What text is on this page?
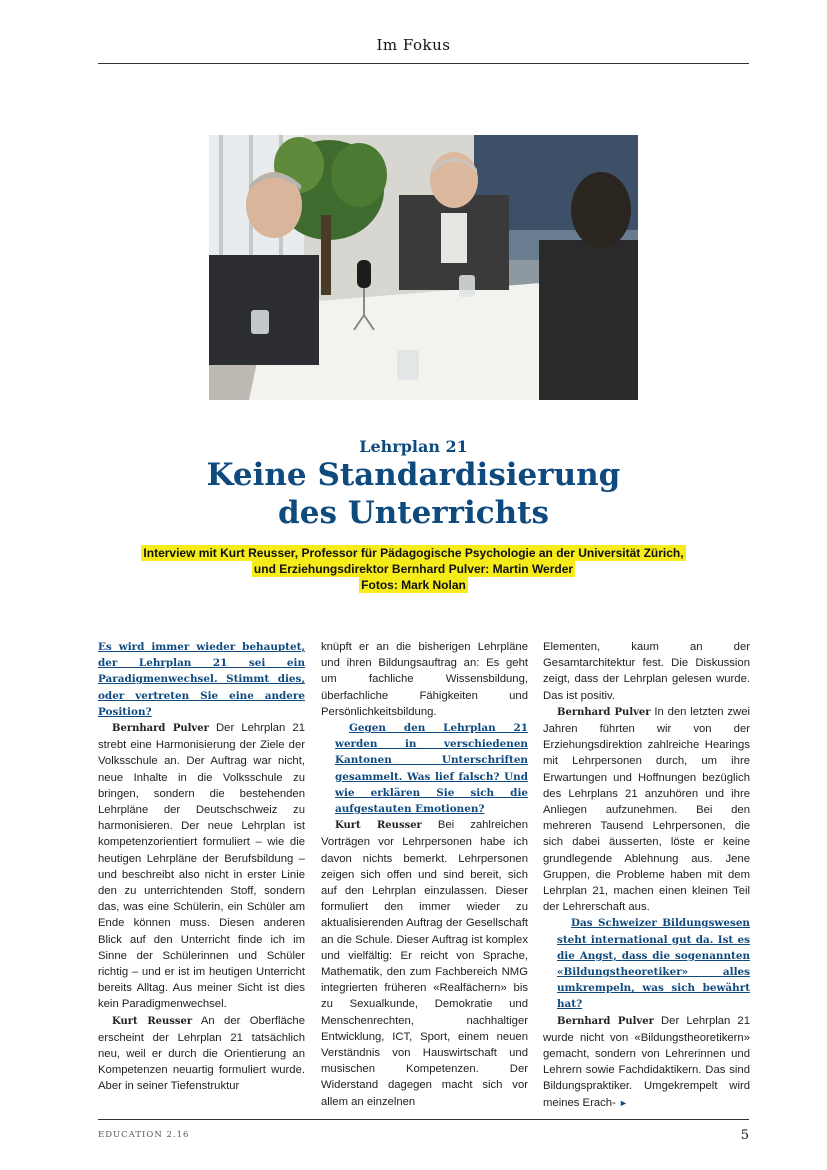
Im Fokus
Lehrplan 21
Keine Standardisierung
des Unterrichts
Interview mit Kurt Reusser, Professor für Pädagogische Psychologie an der Universität Zürich,
und Erziehungsdirektor Bernhard Pulver: Martin Werder
Fotos: Mark Nolan

Es wird immer wieder behauptet, der Lehrplan 21 sei ein Paradigmenwechsel. Stimmt dies, oder vertreten Sie eine andere Position?

Bernhard Pulver Der Lehrplan 21 strebt eine Harmonisierung der Ziele der Volksschule an. Der Auftrag war nicht, neue Inhalte in die Volksschule zu bringen, sondern die bestehenden Lehrpläne der Deutschschweiz zu harmonisieren. Der neue Lehrplan ist kompetenzorientiert formuliert – wie die heutigen Lehrpläne der Berufsbildung – und beschreibt also nicht in erster Linie den zu unterrichtenden Stoff, sondern das, was eine Schülerin, ein Schüler am Ende können muss. Diesen anderen Blick auf den Unterricht finde ich im Sinne der Schülerinnen und Schüler richtig – und er ist im heutigen Unterricht bereits Alltag. Aus meiner Sicht ist dies kein Paradigmenwechsel.

Kurt Reusser An der Oberfläche erscheint der Lehrplan 21 tatsächlich neu, weil er durch die Orientierung an Kompetenzen neuartig formuliert wurde. Aber in seiner Tiefenstruktur

knüpft er an die bisherigen Lehrpläne und ihren Bildungsauftrag an: Es geht um fachliche Wissensbildung, überfachliche Fähigkeiten und Persönlichkeitsbildung.

Gegen den Lehrplan 21 werden in verschiedenen Kantonen Unterschriften gesammelt. Was lief falsch? Und wie erklären Sie sich die aufgestauten Emotionen?

Kurt Reusser Bei zahlreichen Vorträgen vor Lehrpersonen habe ich davon nichts bemerkt. Lehrpersonen zeigen sich offen und sind bereit, sich auf den Lehrplan einzulassen. Dieser formuliert den immer wieder zu aktualisierenden Auftrag der Gesellschaft an die Schule. Dieser Auftrag ist komplex und vielfältig: Er reicht von Sprache, Mathematik, den zum Fachbereich NMG integrierten früheren «Realfächern» bis zu Sexualkunde, Demokratie und Menschenrechten, nachhaltiger Entwicklung, ICT, Sport, einem neuen Verständnis von Hauswirtschaft und musischen Kompetenzen. Der Widerstand dagegen macht sich vor allem an einzelnen

Elementen, kaum an der Gesamtarchitektur fest. Die Diskussion zeigt, dass der Lehrplan gelesen wurde. Das ist positiv.

Bernhard Pulver In den letzten zwei Jahren führten wir von der Erziehungsdirektion zahlreiche Hearings mit Lehrpersonen durch, um ihre Erwartungen und Hoffnungen bezüglich des Lehrplans 21 anzuhören und ihre Anliegen aufzunehmen. Bei den mehreren Tausend Lehrpersonen, die sich dabei äusserten, löste er keine grundlegende Ablehnung aus. Jene Gruppen, die Probleme haben mit dem Lehrplan 21, machen einen kleinen Teil der Lehrerschaft aus.

Das Schweizer Bildungswesen steht international gut da. Ist es die Angst, dass die sogenannten «Bildungstheoretiker» alles umkrempeln, was sich bewährt hat?

Bernhard Pulver Der Lehrplan 21 wurde nicht von «Bildungstheoretikern» gemacht, sondern von Lehrerinnen und Lehrern sowie Fachdidaktikern. Das sind Bildungspraktiker. Umgekrempelt wird meines Erach- ►

EDUCATION 2.16	5
